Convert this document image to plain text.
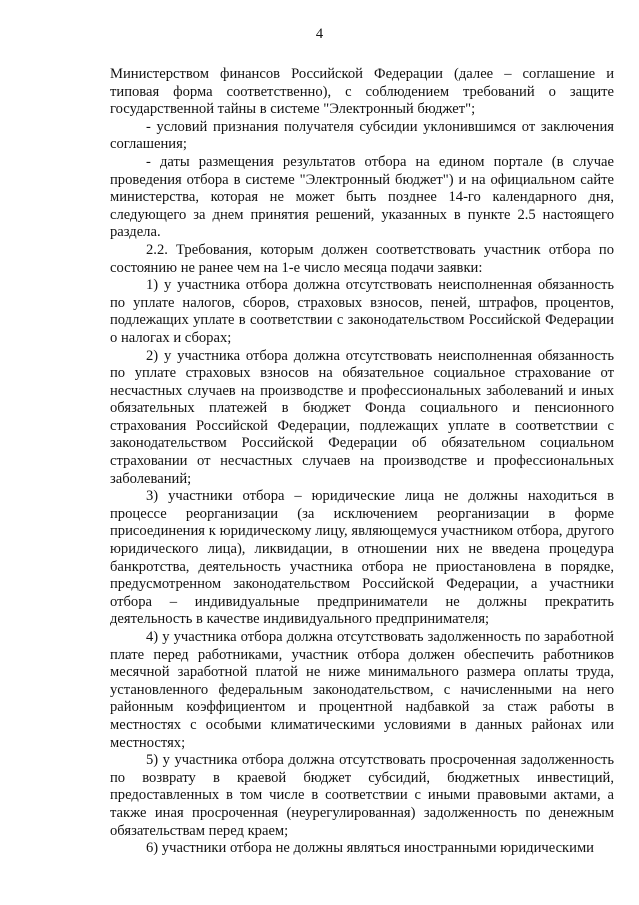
4

Министерством финансов Российской Федерации (далее – соглашение и типовая форма соответственно), с соблюдением требований о защите государственной тайны в системе "Электронный бюджет";

- условий признания получателя субсидии уклонившимся от заключения соглашения;

- даты размещения результатов отбора на едином портале (в случае проведения отбора в системе "Электронный бюджет") и на официальном сайте министерства, которая не может быть позднее 14-го календарного дня, следующего за днем принятия решений, указанных в пункте 2.5 настоящего раздела.

2.2. Требования, которым должен соответствовать участник отбора по состоянию не ранее чем на 1-е число месяца подачи заявки:

1) у участника отбора должна отсутствовать неисполненная обязанность по уплате налогов, сборов, страховых взносов, пеней, штрафов, процентов, подлежащих уплате в соответствии с законодательством Российской Федерации о налогах и сборах;

2) у участника отбора должна отсутствовать неисполненная обязанность по уплате страховых взносов на обязательное социальное страхование от несчастных случаев на производстве и профессиональных заболеваний и иных обязательных платежей в бюджет Фонда социального и пенсионного страхования Российской Федерации, подлежащих уплате в соответствии с законодательством Российской Федерации об обязательном социальном страховании от несчастных случаев на производстве и профессиональных заболеваний;

3) участники отбора – юридические лица не должны находиться в процессе реорганизации (за исключением реорганизации в форме присоединения к юридическому лицу, являющемуся участником отбора, другого юридического лица), ликвидации, в отношении них не введена процедура банкротства, деятельность участника отбора не приостановлена в порядке, предусмотренном законодательством Российской Федерации, а участники отбора – индивидуальные предприниматели не должны прекратить деятельность в качестве индивидуального предпринимателя;

4) у участника отбора должна отсутствовать задолженность по заработной плате перед работниками, участник отбора должен обеспечить работников месячной заработной платой не ниже минимального размера оплаты труда, установленного федеральным законодательством, с начисленными на него районным коэффициентом и процентной надбавкой за стаж работы в местностях с особыми климатическими условиями в данных районах или местностях;

5) у участника отбора должна отсутствовать просроченная задолженность по возврату в краевой бюджет субсидий, бюджетных инвестиций, предоставленных в том числе в соответствии с иными правовыми актами, а также иная просроченная (неурегулированная) задолженность по денежным обязательствам перед краем;

6) участники отбора не должны являться иностранными юридическими
